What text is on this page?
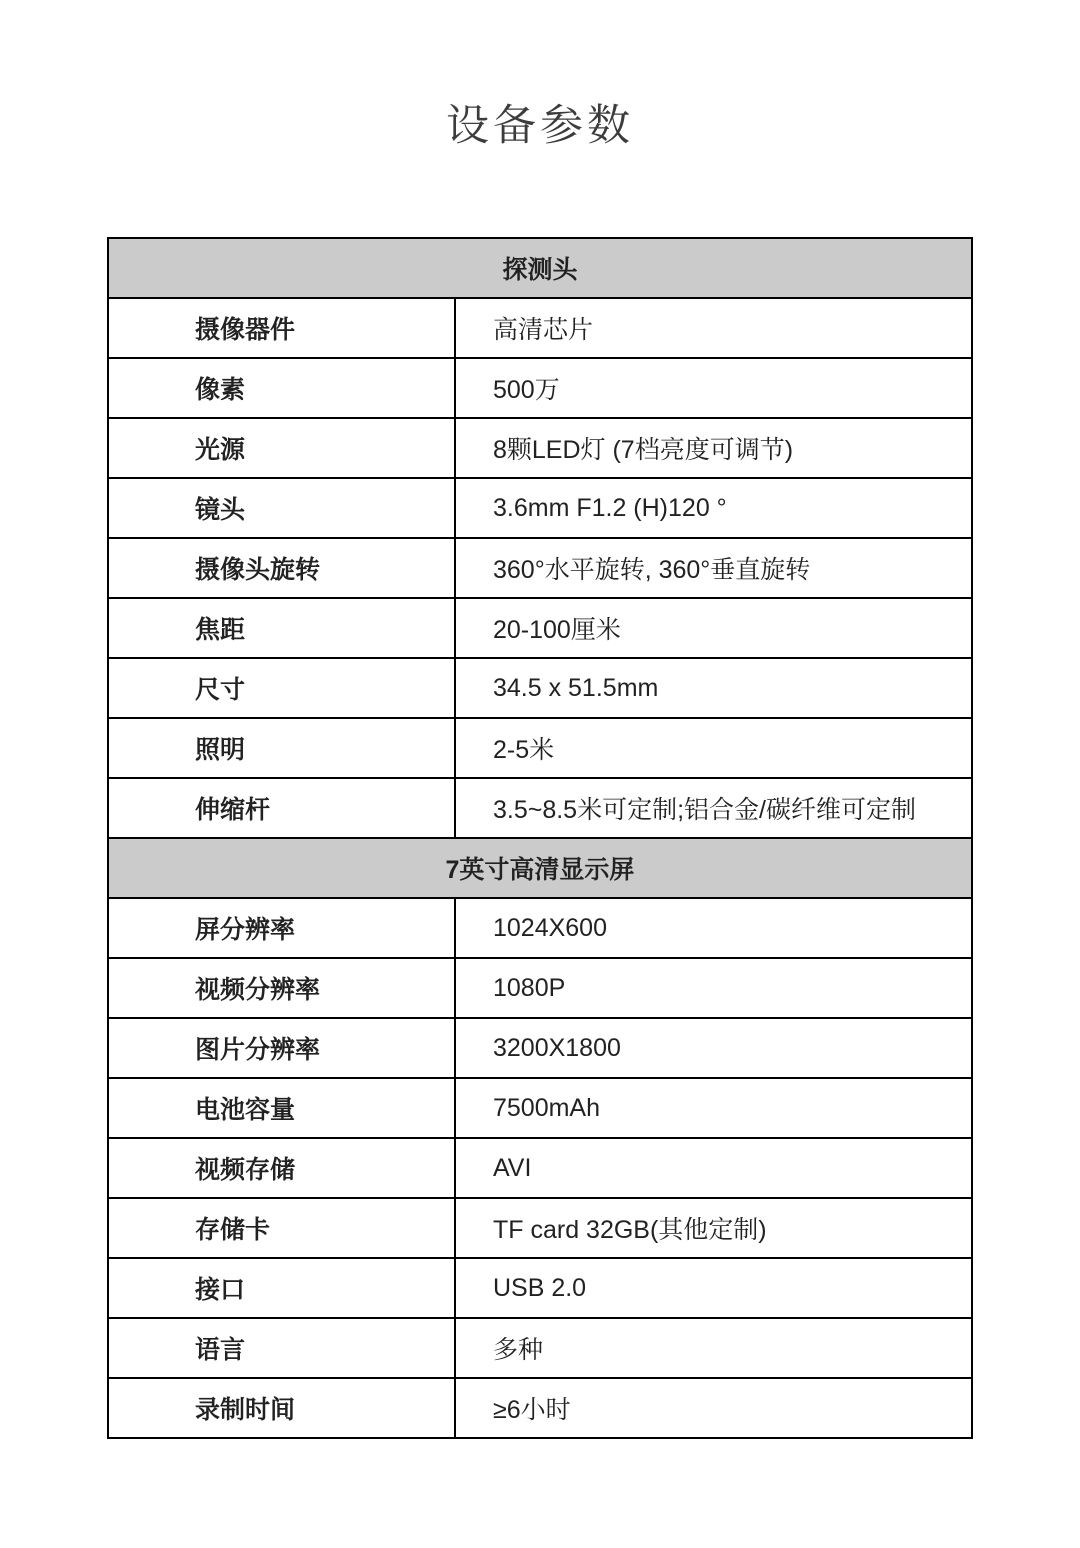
设备参数
探测头	
摄像器件	高清芯片
像素	500万
光源	8颗LED灯 (7档亮度可调节)
镜头	3.6mm F1.2 (H)120 °
摄像头旋转	360°水平旋转, 360°垂直旋转
焦距	20-100厘米
尺寸	34.5 x 51.5mm
照明	2-5米
伸缩杆	3.5~8.5米可定制;铝合金/碳纤维可定制
7英寸高清显示屏	
屏分辨率	1024X600
视频分辨率	1080P
图片分辨率	3200X1800
电池容量	7500mAh
视频存储	AVI
存储卡	TF card 32GB(其他定制)
接口	USB 2.0
语言	多种
录制时间	≥6小时
